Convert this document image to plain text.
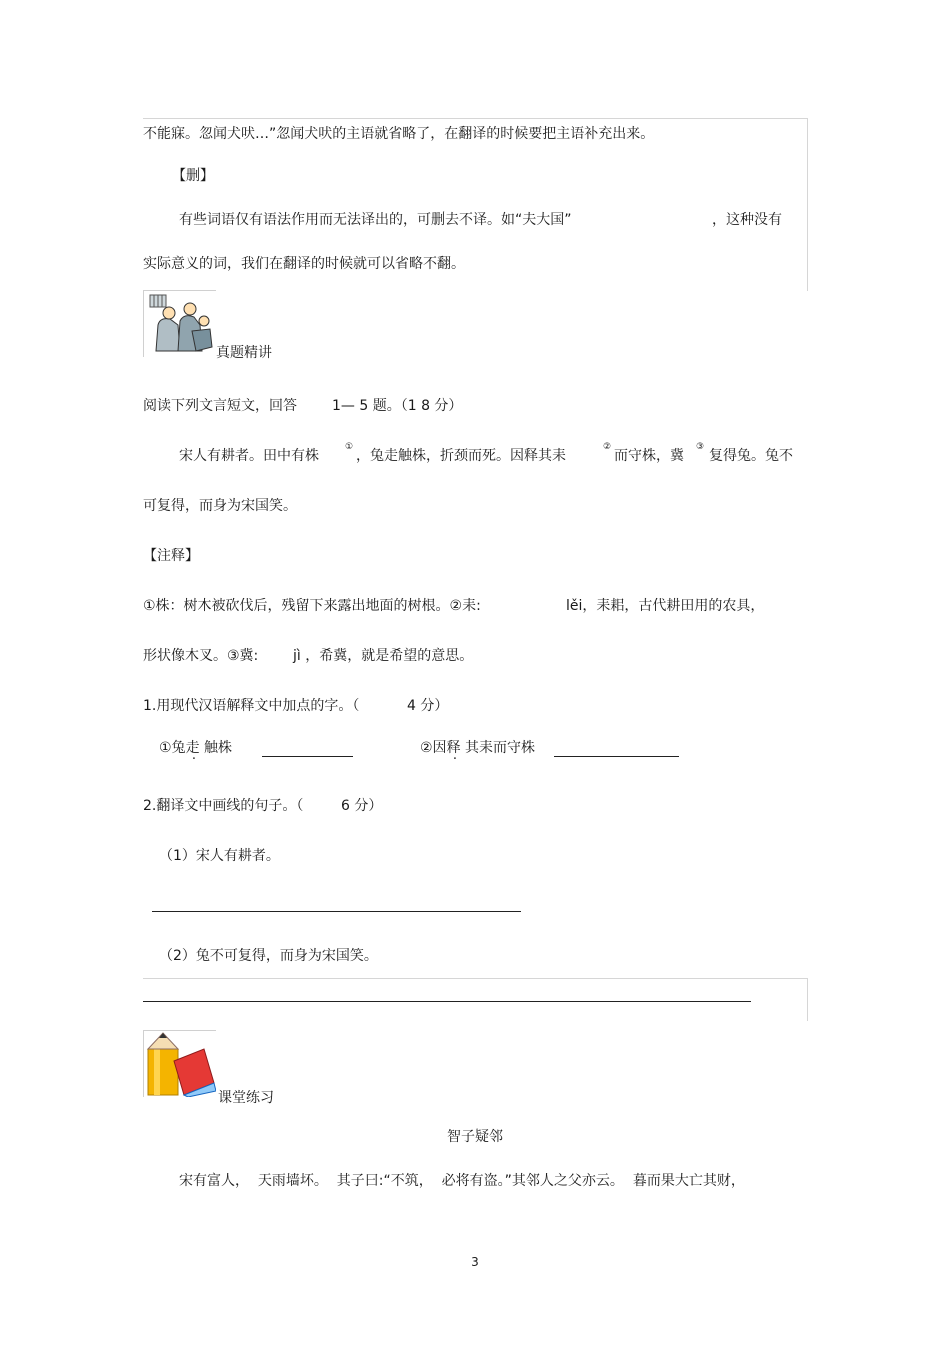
不能寐。忽闻犬吠…”忽闻犬吠的主语就省略了，在翻译的时候要把主语补充出来。
【删】
有些词语仅有语法作用而无法译出的，可删去不译。如“夫大国”	，这种没有
实际意义的词，我们在翻译的时候就可以省略不翻。
真题精讲
阅读下列文言短文，回答	1— 5 题。（1 8 分）
宋人有耕者。田中有株
①
，兔走触株，折颈而死。因释其耒
②
而守株，冀
③
复得兔。兔不
可复得，而身为宋国笑。
【注释】
①株：树木被砍伐后，残留下来露出地面的树根。②耒:	lěi，耒耜，古代耕田用的农具，
形状像木叉。③冀: jì ，希冀，就是希望的意思。
1.用现代汉语解释文中加点的字。（	4 分）
①兔走 触株	②因释 其耒而守株
2.翻译文中画线的句子。（	6 分）
（1）宋人有耕者。
（2）兔不可复得，而身为宋国笑。
课堂练习
智子疑邻
宋有富人，  天雨墙坏。  其子曰:“不筑，  必将有盗。”其邻人之父亦云。  暮而果大亡其财，
3
